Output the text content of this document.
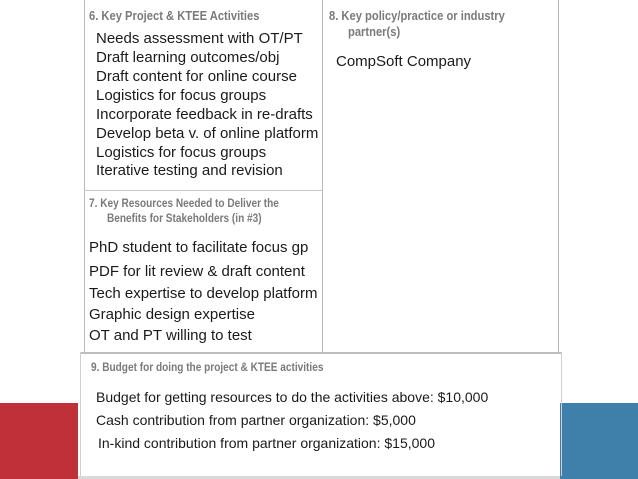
6. Key Project & KTEE Activities
Needs assessment with OT/PT
Draft learning outcomes/obj
Draft content for online course
Logistics for focus groups
Incorporate feedback in re-drafts
Develop beta v. of online platform
Logistics for focus groups
Iterative testing and revision
8. Key policy/practice or industry
partner(s)
CompSoft Company
7. Key Resources Needed to Deliver the
Benefits for Stakeholders (in #3)
PhD student to facilitate focus gp
PDF for lit review & draft content
Tech expertise to develop platform
Graphic design expertise
OT and PT willing to test
9. Budget for doing the project & KTEE activities
Budget for getting resources to do the activities above: $10,000
Cash contribution from partner organization: $5,000
In-kind contribution from partner organization: $15,000
